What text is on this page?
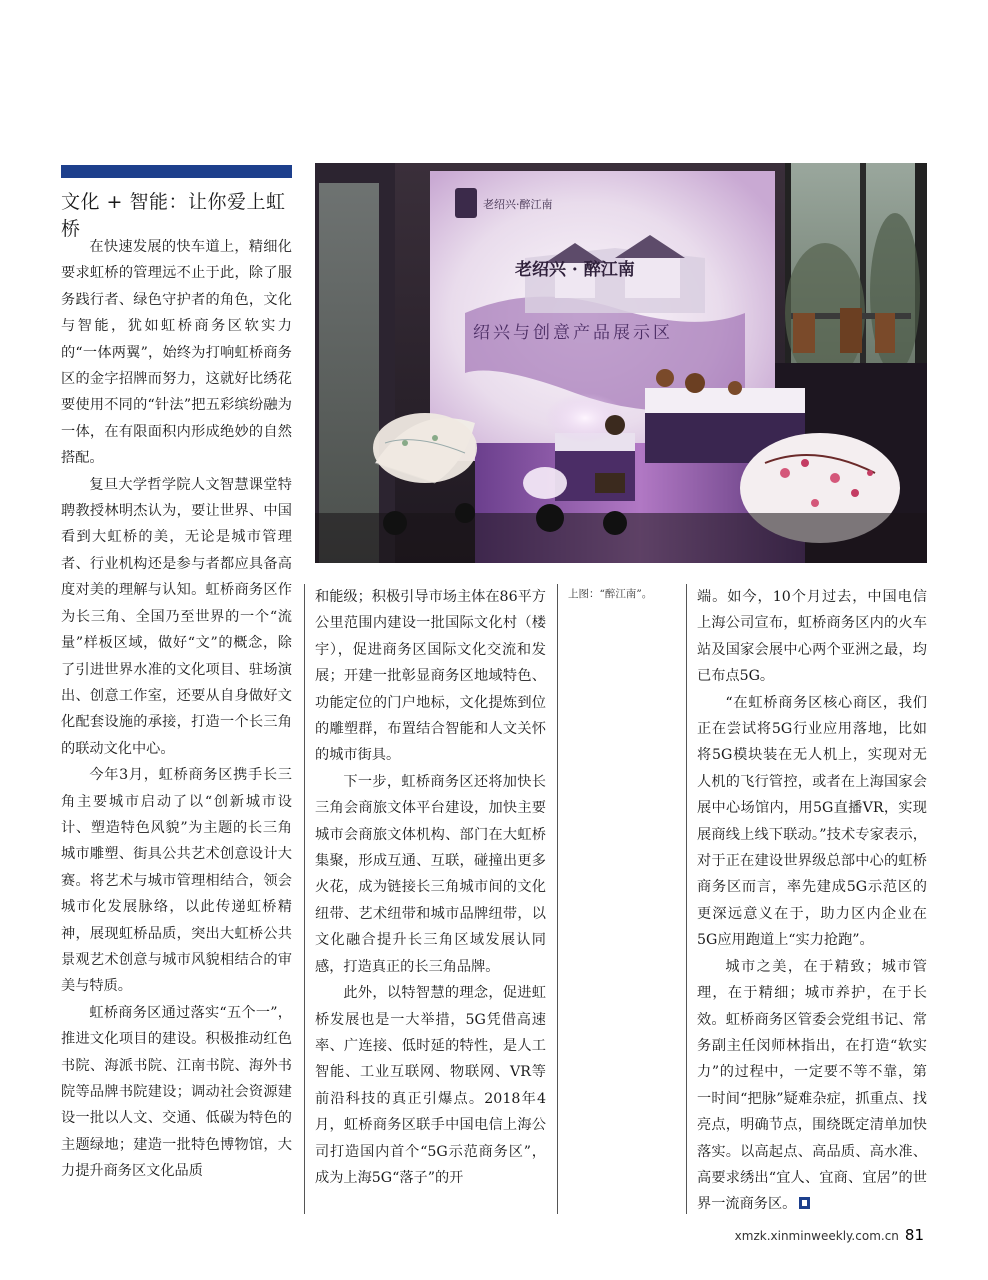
文化 + 智能：让你爱上虹桥
老绍兴·醉江南
老绍兴 · 醉江南
绍兴与创意产品展示区

在快速发展的快车道上，精细化要求虹桥的管理远不止于此，除了服务践行者、绿色守护者的角色，文化与智能，犹如虹桥商务区软实力的“一体两翼”，始终为打响虹桥商务区的金字招牌而努力，这就好比绣花要使用不同的“针法”把五彩缤纷融为一体，在有限面积内形成绝妙的自然搭配。

复旦大学哲学院人文智慧课堂特聘教授林明杰认为，要让世界、中国看到大虹桥的美，无论是城市管理者、行业机构还是参与者都应具备高度对美的理解与认知。虹桥商务区作为长三角、全国乃至世界的一个“流量”样板区域，做好“文”的概念，除了引进世界水准的文化项目、驻场演出、创意工作室，还要从自身做好文化配套设施的承接，打造一个长三角的联动文化中心。

今年3月，虹桥商务区携手长三角主要城市启动了以“创新城市设计、塑造特色风貌”为主题的长三角城市雕塑、街具公共艺术创意设计大赛。将艺术与城市管理相结合，领会城市化发展脉络，以此传递虹桥精神，展现虹桥品质，突出大虹桥公共景观艺术创意与城市风貌相结合的审美与特质。

虹桥商务区通过落实“五个一”，推进文化项目的建设。积极推动红色书院、海派书院、江南书院、海外书院等品牌书院建设；调动社会资源建设一批以人文、交通、低碳为特色的主题绿地；建造一批特色博物馆，大力提升商务区文化品质

和能级；积极引导市场主体在86平方公里范围内建设一批国际文化村（楼宇），促进商务区国际文化交流和发展；开建一批彰显商务区地域特色、功能定位的门户地标，文化提炼到位的雕塑群，布置结合智能和人文关怀的城市街具。

下一步，虹桥商务区还将加快长三角会商旅文体平台建设，加快主要城市会商旅文体机构、部门在大虹桥集聚，形成互通、互联，碰撞出更多火花，成为链接长三角城市间的文化纽带、艺术纽带和城市品牌纽带，以文化融合提升长三角区域发展认同感，打造真正的长三角品牌。

此外，以特智慧的理念，促进虹桥发展也是一大举措，5G凭借高速率、广连接、低时延的特性，是人工智能、工业互联网、物联网、VR等前沿科技的真正引爆点。2018年4月，虹桥商务区联手中国电信上海公司打造国内首个“5G示范商务区”，成为上海5G“落子”的开

上图：“醉江南”。	端。如今，10个月过去，中国电信上海公司宣布，虹桥商务区内的火车站及国家会展中心两个亚洲之最，均已布点5G。

“在虹桥商务区核心商区，我们正在尝试将5G行业应用落地，比如将5G模块装在无人机上，实现对无人机的飞行管控，或者在上海国家会展中心场馆内，用5G直播VR，实现展商线上线下联动。”技术专家表示，对于正在建设世界级总部中心的虹桥商务区而言，率先建成5G示范区的更深远意义在于，助力区内企业在5G应用跑道上“实力抢跑”。

城市之美，在于精致；城市管理，在于精细；城市养护，在于长效。虹桥商务区管委会党组书记、常务副主任闵师林指出，在打造“软实力”的过程中，一定要不等不靠，第一时间“把脉”疑难杂症，抓重点、找亮点，明确节点，围绕既定清单加快落实。以高起点、高品质、高水准、高要求绣出“宜人、宜商、宜居”的世界一流商务区。

xmzk.xinminweekly.com.cn 81
